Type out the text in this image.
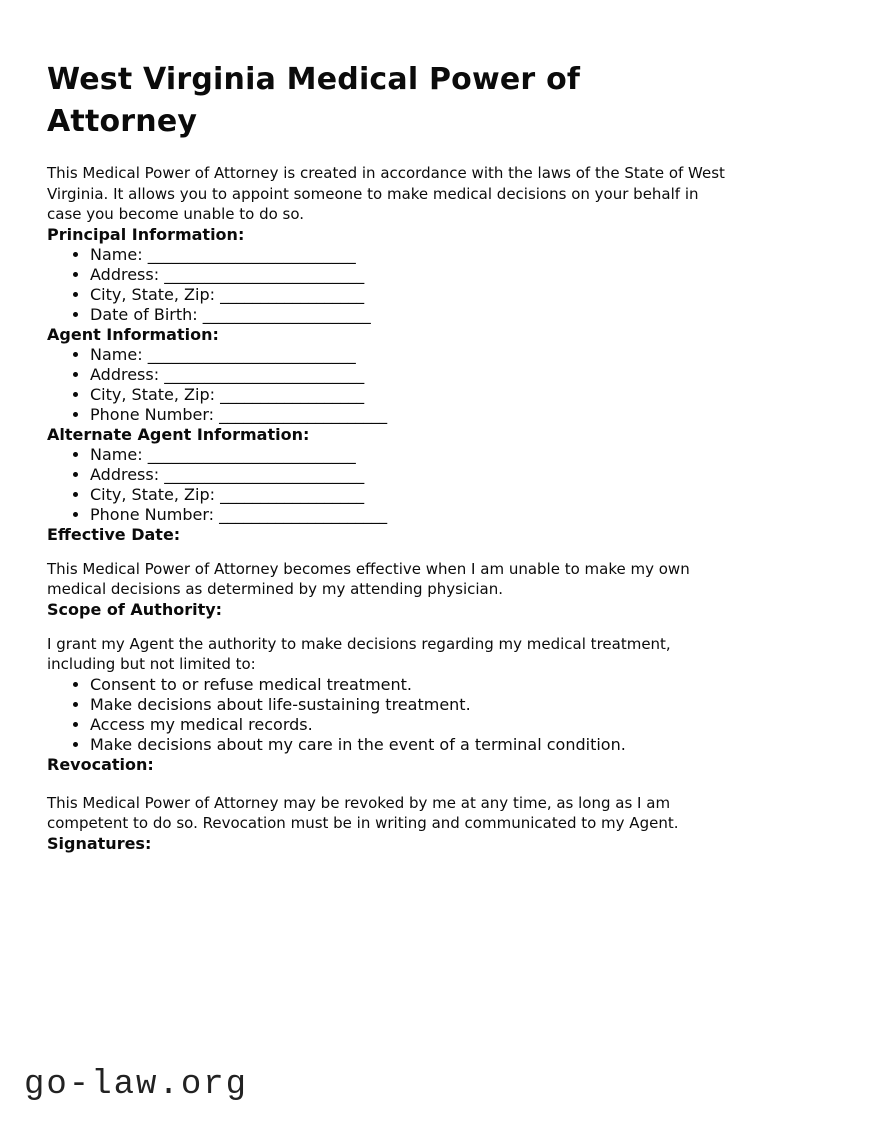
West Virginia Medical Power of
Attorney

This Medical Power of Attorney is created in accordance with the laws of the State of West
Virginia. It allows you to appoint someone to make medical decisions on your behalf in
case you become unable to do so.

Principal Information:
• Name: __________________________
• Address: _________________________
• City, State, Zip: __________________
• Date of Birth: _____________________
Agent Information:
• Name: __________________________
• Address: _________________________
• City, State, Zip: __________________
• Phone Number: _____________________
Alternate Agent Information:
• Name: __________________________
• Address: _________________________
• City, State, Zip: __________________
• Phone Number: _____________________
Effective Date:

This Medical Power of Attorney becomes effective when I am unable to make my own
medical decisions as determined by my attending physician.

Scope of Authority:

I grant my Agent the authority to make decisions regarding my medical treatment,
including but not limited to:

• Consent to or refuse medical treatment.
• Make decisions about life-sustaining treatment.
• Access my medical records.
• Make decisions about my care in the event of a terminal condition.
Revocation:

This Medical Power of Attorney may be revoked by me at any time, as long as I am
competent to do so. Revocation must be in writing and communicated to my Agent.

Signatures:
go-law.org
